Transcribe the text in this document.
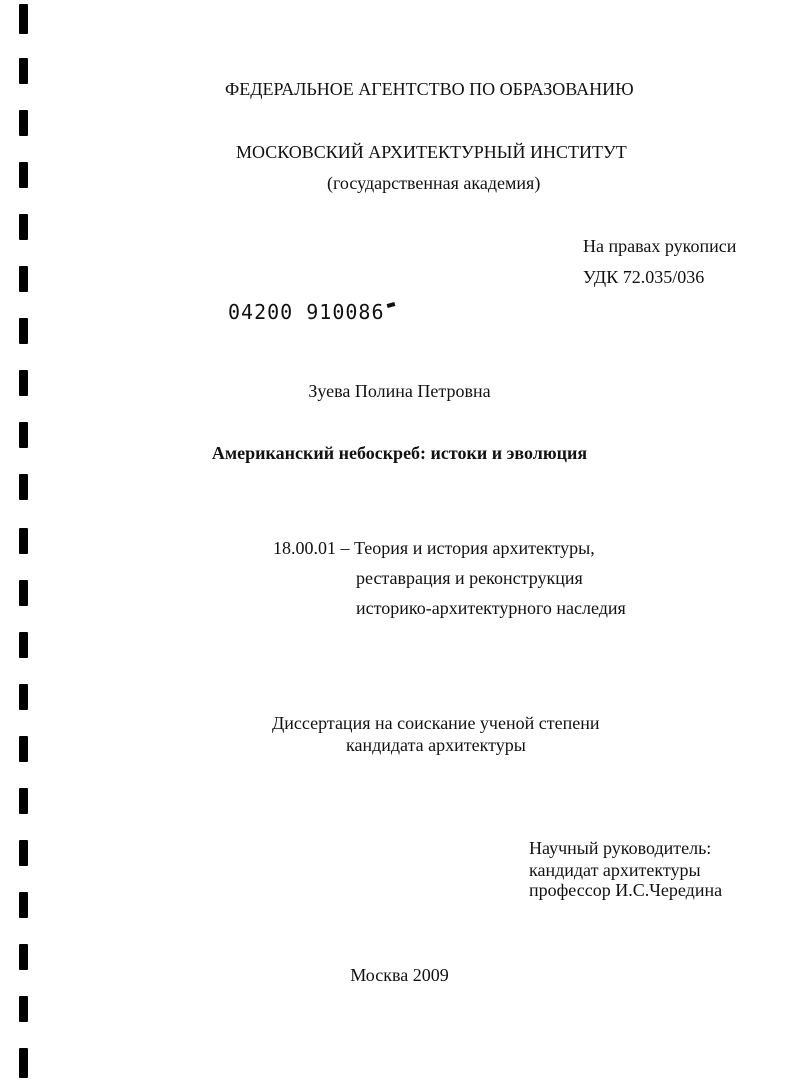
ФЕДЕРАЛЬНОЕ АГЕНТСТВО ПО ОБРАЗОВАНИЮ
МОСКОВСКИЙ АРХИТЕКТУРНЫЙ ИНСТИТУТ
(государственная академия)
На правах рукописи
УДК 72.035/036
04200 910086
Зуева Полина Петровна
Американский небоскреб: истоки и эволюция
18.00.01 – Теория и история архитектуры,
реставрация и реконструкция
историко-архитектурного наследия
Диссертация на соискание ученой степени
кандидата архитектуры
Научный руководитель:
кандидат архитектуры
профессор И.С.Чередина
Москва 2009
